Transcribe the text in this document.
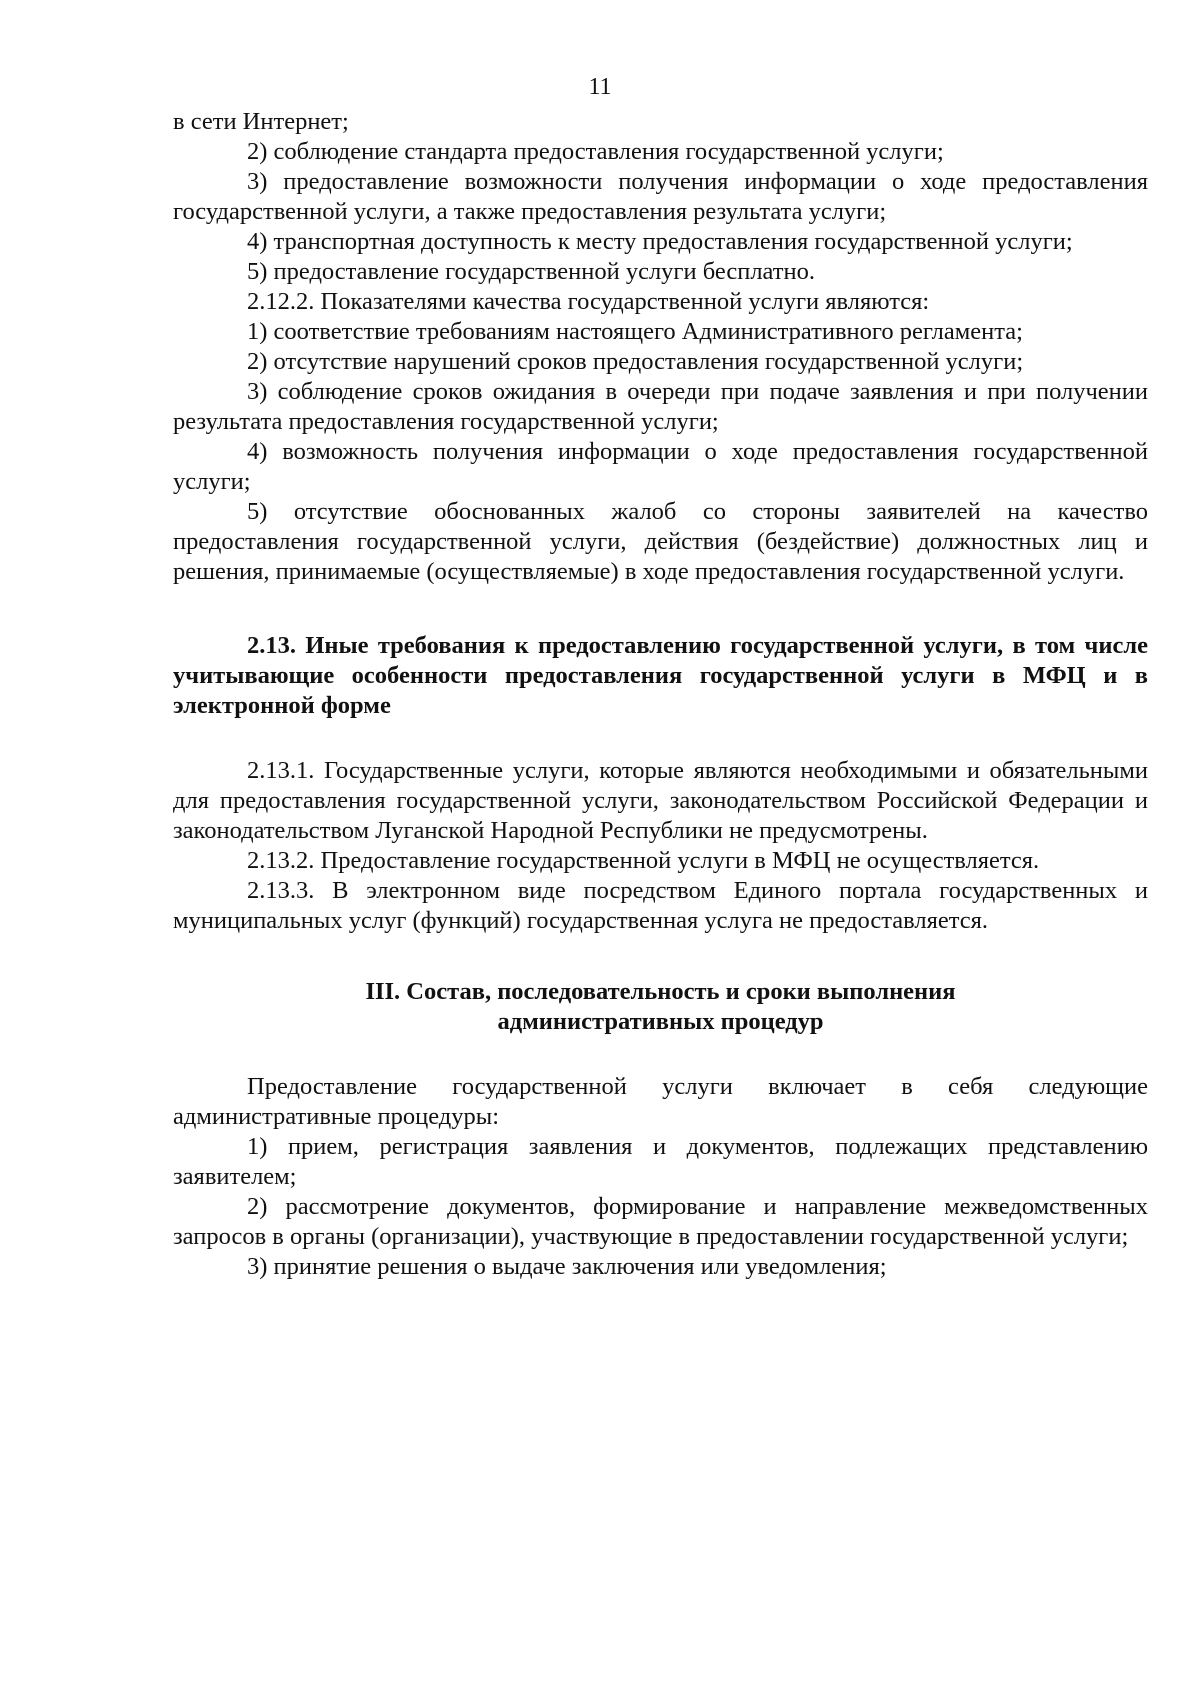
11

в сети Интернет;

2) соблюдение стандарта предоставления государственной услуги;

3) предоставление возможности получения информации о ходе предоставления государственной услуги, а также предоставления результата услуги;

4) транспортная доступность к месту предоставления государственной услуги;

5) предоставление государственной услуги бесплатно.

2.12.2. Показателями качества государственной услуги являются:

1) соответствие требованиям настоящего Административного регламента;

2) отсутствие нарушений сроков предоставления государственной услуги;

3) соблюдение сроков ожидания в очереди при подаче заявления и при получении результата предоставления государственной услуги;

4) возможность получения информации о ходе предоставления государственной услуги;

5) отсутствие обоснованных жалоб со стороны заявителей на качество предоставления государственной услуги, действия (бездействие) должностных лиц и решения, принимаемые (осуществляемые) в ходе предоставления государственной услуги.

2.13. Иные требования к предоставлению государственной услуги, в том числе учитывающие особенности предоставления государственной услуги в МФЦ и в электронной форме

2.13.1. Государственные услуги, которые являются необходимыми и обязательными для предоставления государственной услуги, законодательством Российской Федерации и законодательством Луганской Народной Республики не предусмотрены.

2.13.2. Предоставление государственной услуги в МФЦ не осуществляется.

2.13.3. В электронном виде посредством Единого портала государственных и муниципальных услуг (функций) государственная услуга не предоставляется.

III. Состав, последовательность и сроки выполнения
административных процедур

Предоставление государственной услуги включает в себя следующие административные процедуры:

1) прием, регистрация заявления и документов, подлежащих представлению заявителем;

2) рассмотрение документов, формирование и направление межведомственных запросов в органы (организации), участвующие в предоставлении государственной услуги;

3) принятие решения о выдаче заключения или уведомления;
